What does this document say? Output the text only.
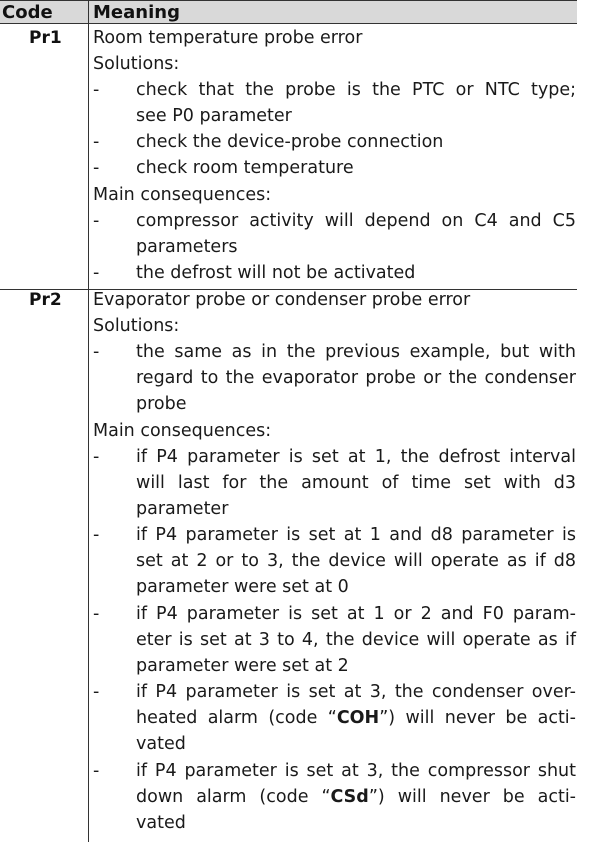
Code Meaning
Pr1 Room temperature probe error
Solutions:
- check that the probe is the PTC or NTC type;
see P0 parameter
- check the device-probe connection
- check room temperature
Main consequences:
- compressor activity will depend on C4 and C5
parameters
- the defrost will not be activated
Pr2 Evaporator probe or condenser probe error
Solutions:
- the same as in the previous example, but with
regard to the evaporator probe or the condenser
probe
Main consequences:
- if P4 parameter is set at 1, the defrost interval
will last for the amount of time set with d3
parameter
- if P4 parameter is set at 1 and d8 parameter is
set at 2 or to 3, the device will operate as if d8
parameter were set at 0
- if P4 parameter is set at 1 or 2 and F0 param-
eter is set at 3 to 4, the device will operate as if
parameter were set at 2
- if P4 parameter is set at 3, the condenser over-
heated alarm (code “COH”) will never be acti-
vated
- if P4 parameter is set at 3, the compressor shut
down alarm (code “CSd”) will never be acti-
vated
